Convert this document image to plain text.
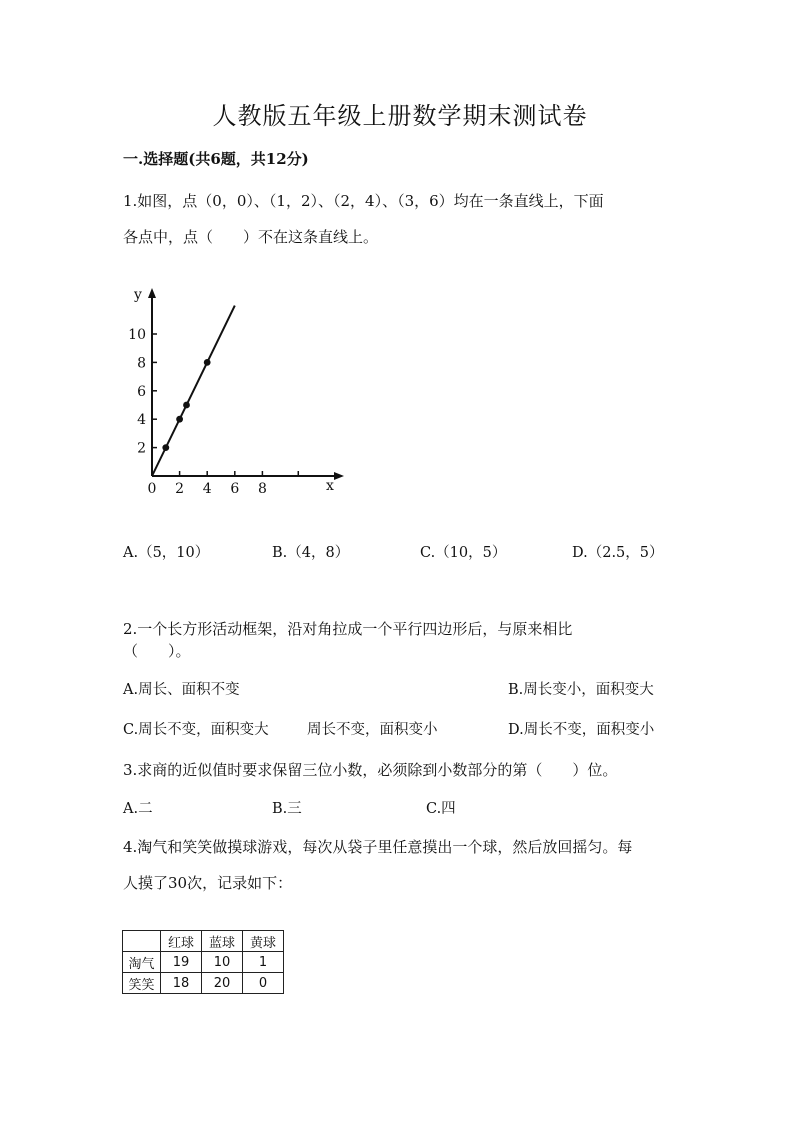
人教版五年级上册数学期末测试卷
一.选择题(共6题，共12分)
1.如图，点（0，0）、（1，2）、（2，4）、（3，6）均在一条直线上，下面
各点中，点（　　）不在这条直线上。
x
y
0 2 4 6 8
2
4
6
8
10
A.（5，10）	B.（4，8）	C.（10，5）	D.（2.5，5）
2.一个长方形活动框架，沿对角拉成一个平行四边形后，与原来相比
（　　）。
A.周长、面积不变	B.周长变小，面积变大
C.周长不变，面积变大	周长不变，面积变小	D.周长不变，面积变小
3.求商的近似值时要求保留三位小数，必须除到小数部分的第（　　）位。
A.二	B.三	C.四
4.淘气和笑笑做摸球游戏，每次从袋子里任意摸出一个球，然后放回摇匀。每
人摸了30次，记录如下：
	红球	蓝球	黄球
淘气	19	10	1
笑笑	18	20	0
